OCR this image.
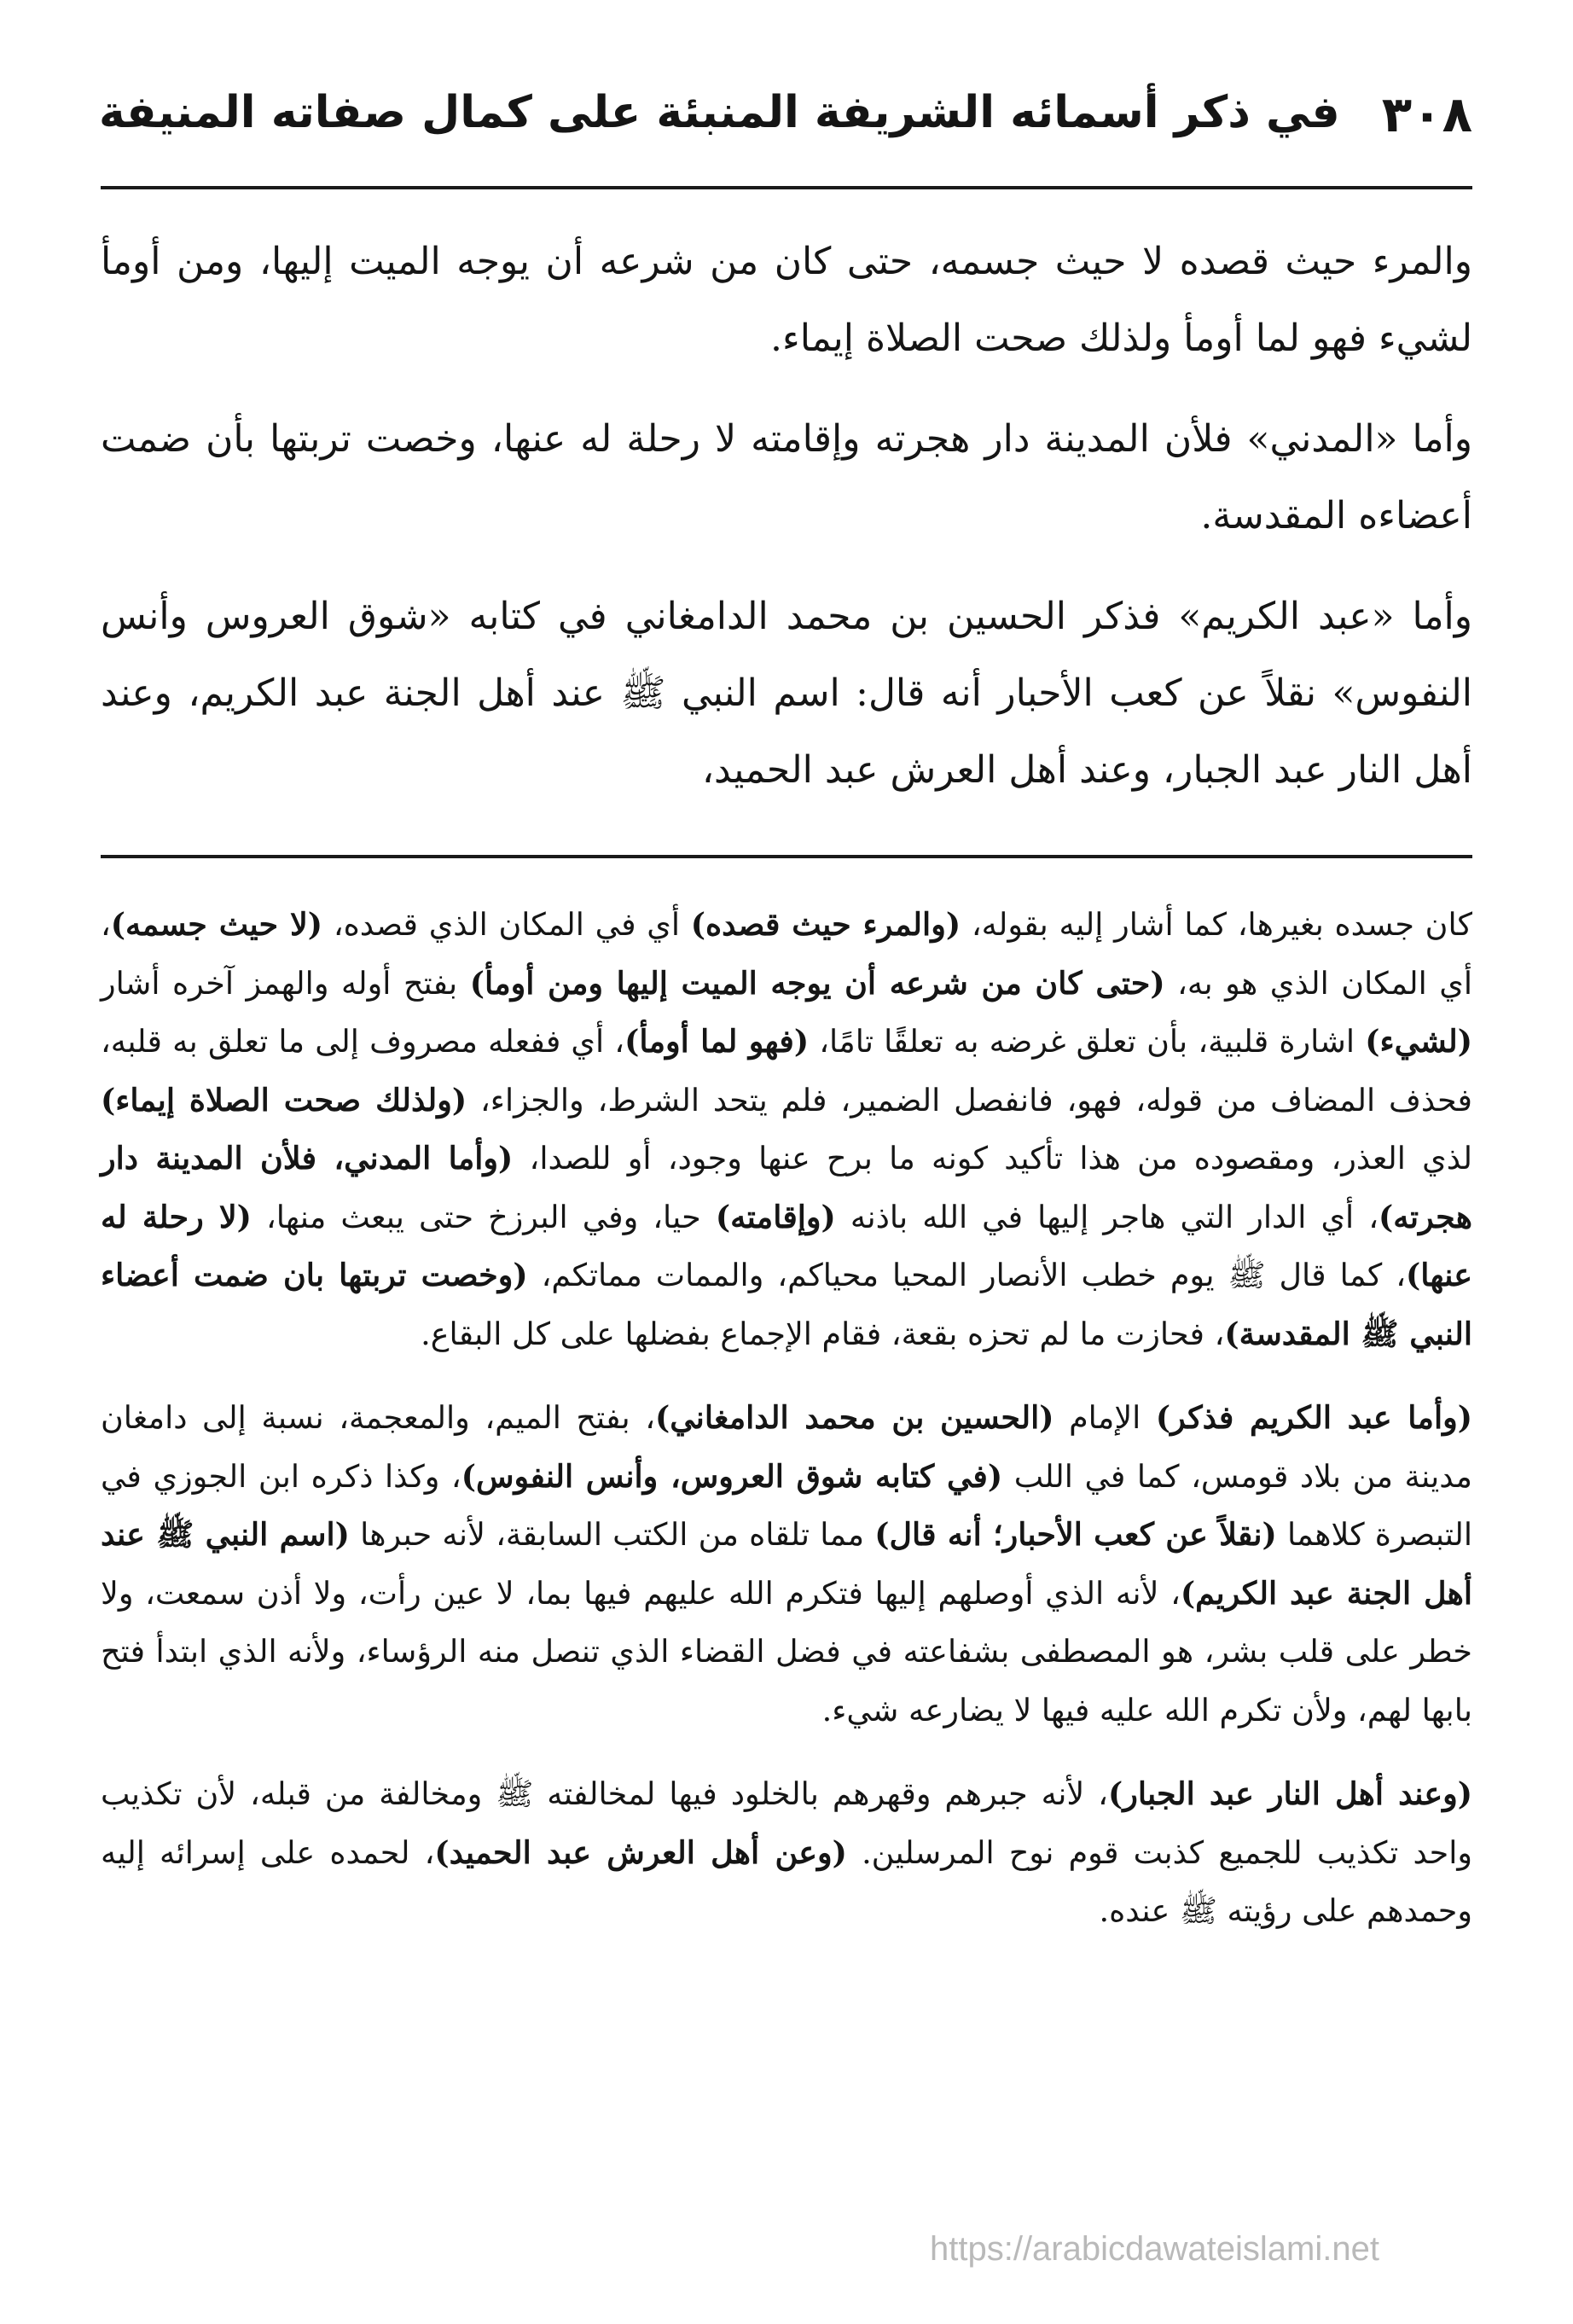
٣٠٨
في ذكر أسمائه الشريفة المنبئة على كمال صفاته المنيفة

والمرء حيث قصده لا حيث جسمه، حتى كان من شرعه أن يوجه الميت إليها، ومن أومأ لشيء فهو لما أومأ ولذلك صحت الصلاة إيماء.

وأما «المدني» فلأن المدينة دار هجرته وإقامته لا رحلة له عنها، وخصت تربتها بأن ضمت أعضاءه المقدسة.

وأما «عبد الكريم» فذكر الحسين بن محمد الدامغاني في كتابه «شوق العروس وأنس النفوس» نقلاً عن كعب الأحبار أنه قال: اسم النبي ﷺ عند أهل الجنة عبد الكريم، وعند أهل النار عبد الجبار، وعند أهل العرش عبد الحميد،

كان جسده بغيرها، كما أشار إليه بقوله، (والمرء حيث قصده) أي في المكان الذي قصده، (لا حيث جسمه)، أي المكان الذي هو به، (حتى كان من شرعه أن يوجه الميت إليها ومن أومأ) بفتح أوله والهمز آخره أشار (لشيء) اشارة قلبية، بأن تعلق غرضه به تعلقًا تامًا، (فهو لما أومأ)، أي ففعله مصروف إلى ما تعلق به قلبه، فحذف المضاف من قوله، فهو، فانفصل الضمير، فلم يتحد الشرط، والجزاء، (ولذلك صحت الصلاة إيماء) لذي العذر، ومقصوده من هذا تأكيد كونه ما برح عنها وجود، أو للصدا، (وأما المدني، فلأن المدينة دار هجرته)، أي الدار التي هاجر إليها في الله باذنه (وإقامته) حيا، وفي البرزخ حتى يبعث منها، (لا رحلة له عنها)، كما قال ﷺ يوم خطب الأنصار المحيا محياكم، والممات مماتكم، (وخصت تربتها بان ضمت أعضاء النبي ﷺ المقدسة)، فحازت ما لم تحزه بقعة، فقام الإجماع بفضلها على كل البقاع.

(وأما عبد الكريم فذكر) الإمام (الحسين بن محمد الدامغاني)، بفتح الميم، والمعجمة، نسبة إلى دامغان مدينة من بلاد قومس، كما في اللب (في كتابه شوق العروس، وأنس النفوس)، وكذا ذكره ابن الجوزي في التبصرة كلاهما (نقلاً عن كعب الأحبار؛ أنه قال) مما تلقاه من الكتب السابقة، لأنه حبرها (اسم النبي ﷺ عند أهل الجنة عبد الكريم)، لأنه الذي أوصلهم إليها فتكرم الله عليهم فيها بما، لا عين رأت، ولا أذن سمعت، ولا خطر على قلب بشر، هو المصطفى بشفاعته في فضل القضاء الذي تنصل منه الرؤساء، ولأنه الذي ابتدأ فتح بابها لهم، ولأن تكرم الله عليه فيها لا يضارعه شيء.

(وعند أهل النار عبد الجبار)، لأنه جبرهم وقهرهم بالخلود فيها لمخالفته ﷺ ومخالفة من قبله، لأن تكذيب واحد تكذيب للجميع كذبت قوم نوح المرسلين. (وعن أهل العرش عبد الحميد)، لحمده على إسرائه إليه وحمدهم على رؤيته ﷺ عنده.

https://arabicdawateislami.net
